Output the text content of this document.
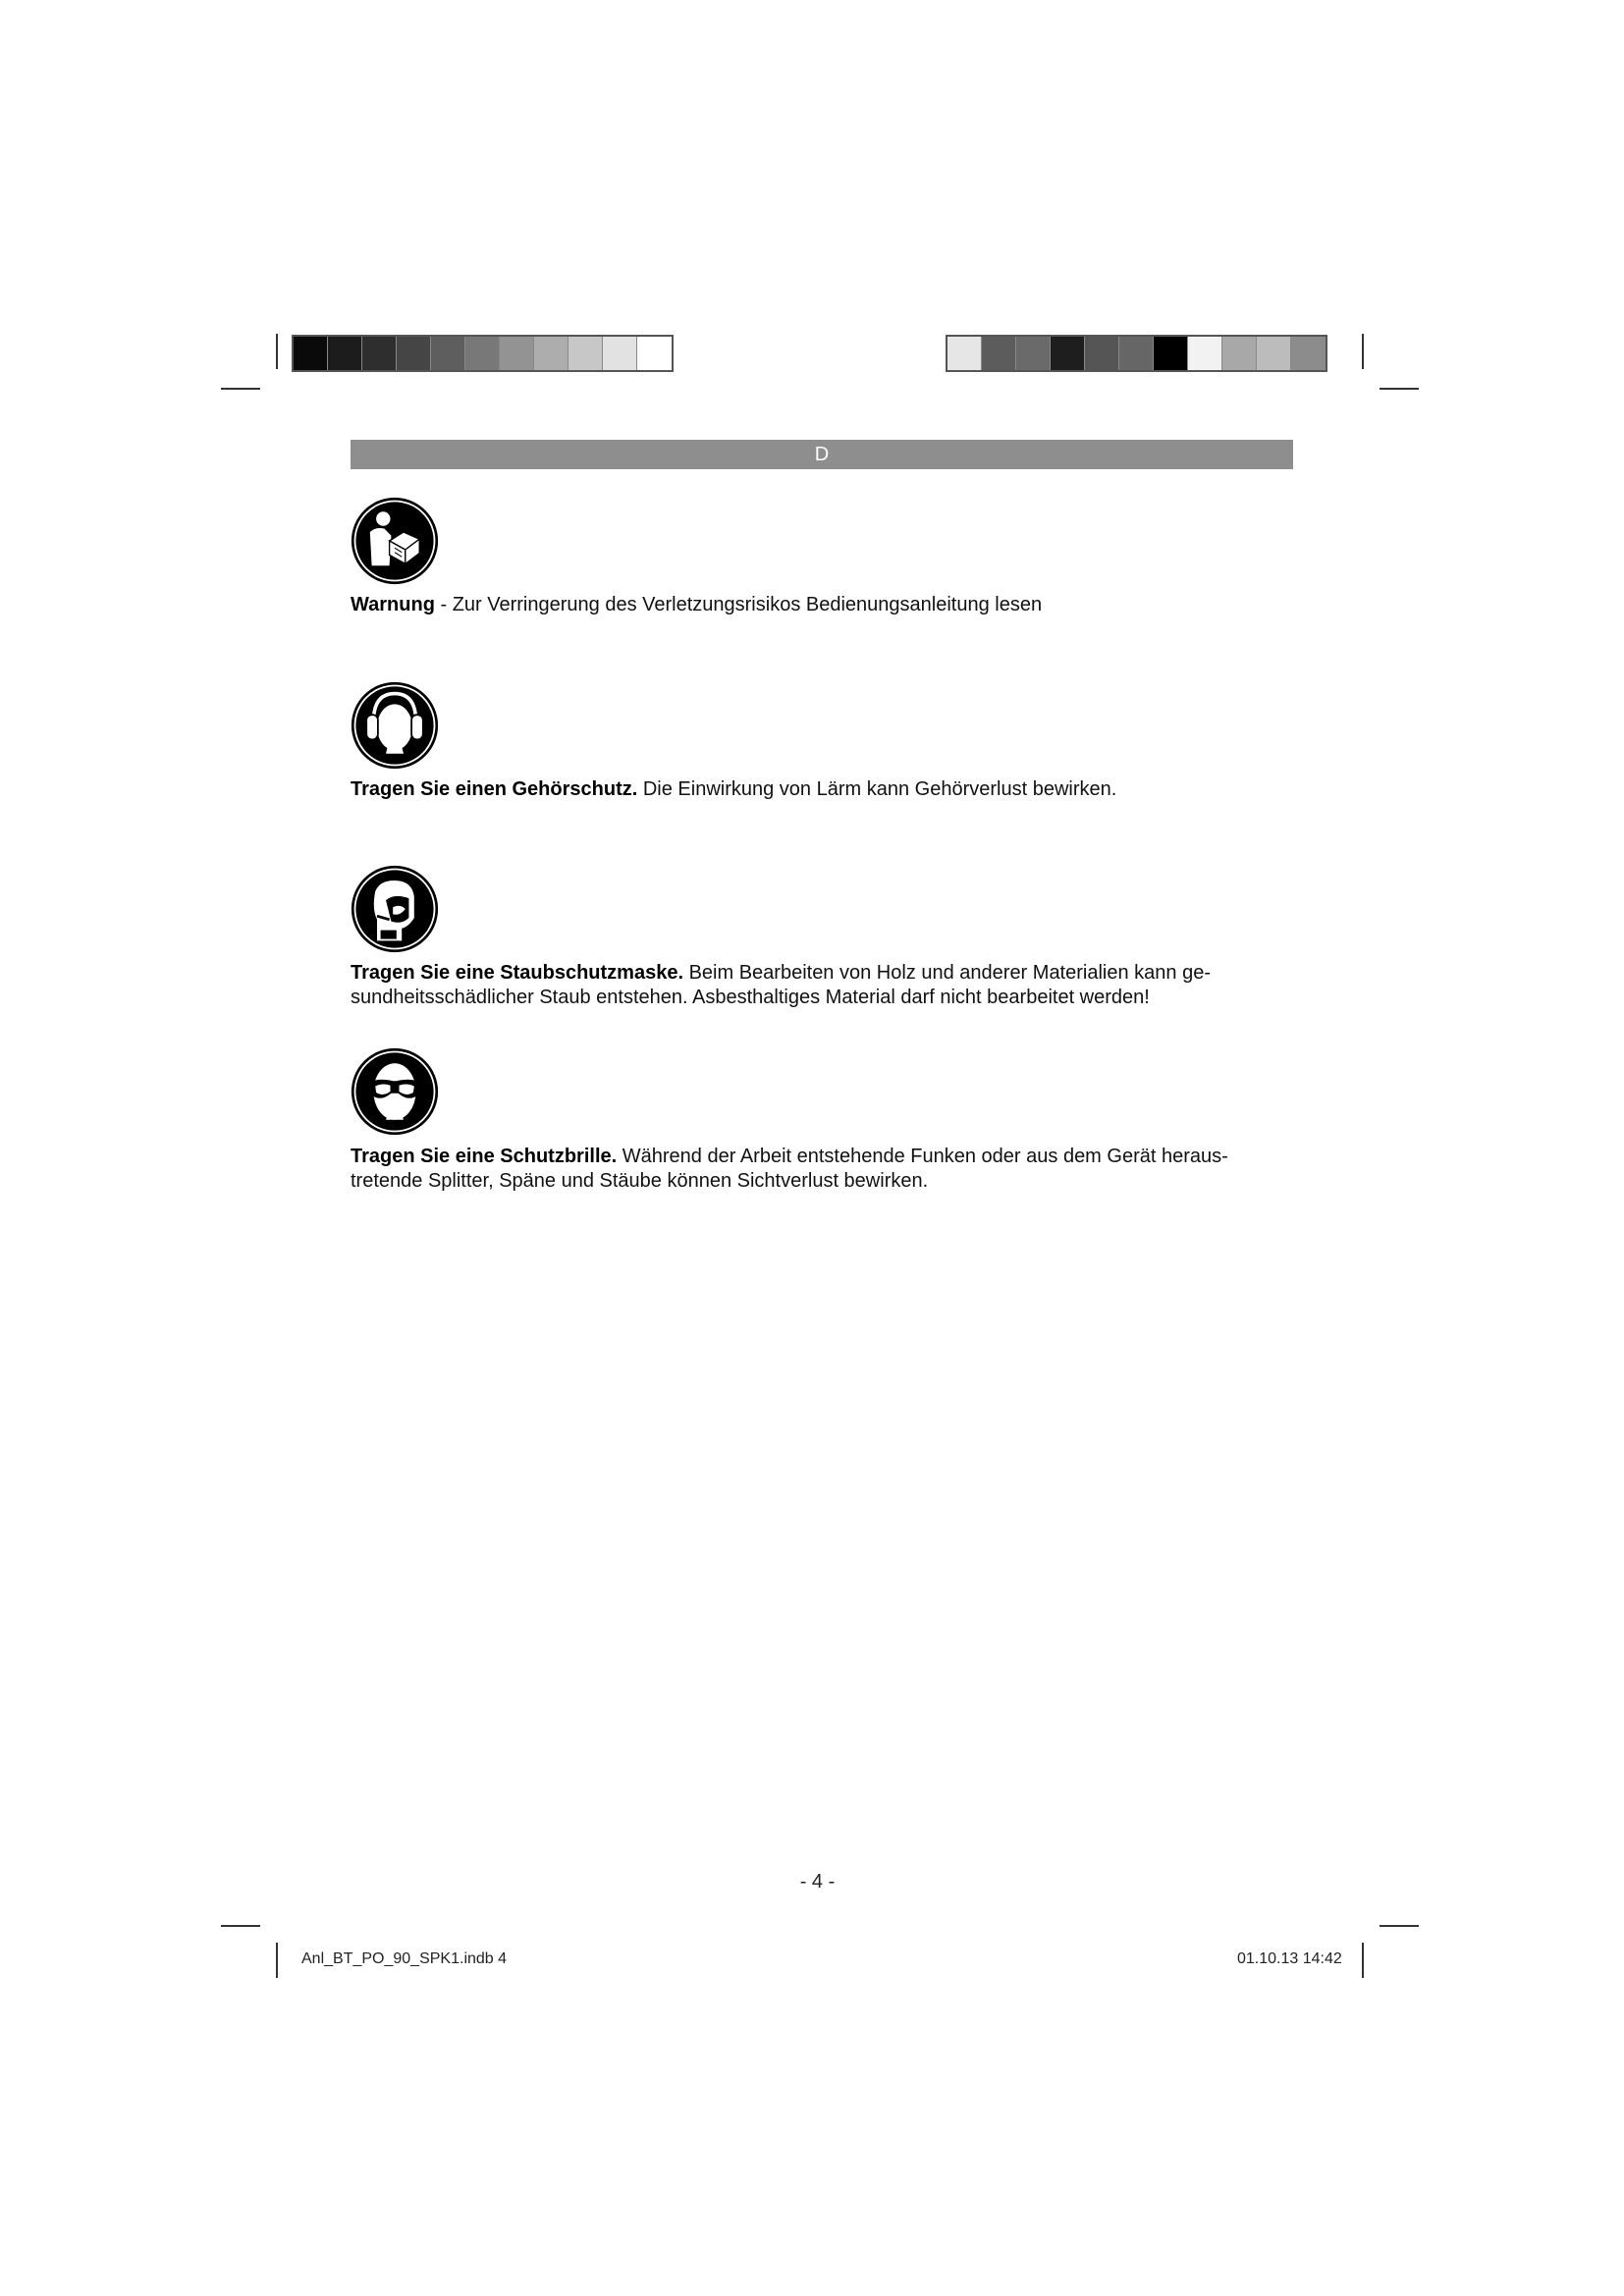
D
Warnung - Zur Verringerung des Verletzungsrisikos Bedienungsanleitung lesen
Tragen Sie einen Gehörschutz. Die Einwirkung von Lärm kann Gehörverlust bewirken.
Tragen Sie eine Staubschutzmaske. Beim Bearbeiten von Holz und anderer Materialien kann ge-sundheitsschädlicher Staub entstehen. Asbesthaltiges Material darf nicht bearbeitet werden!
Tragen Sie eine Schutzbrille. Während der Arbeit entstehende Funken oder aus dem Gerät heraus-tretende Splitter, Späne und Stäube können Sichtverlust bewirken.
- 4 -
Anl_BT_PO_90_SPK1.indb 4	01.10.13 14:42
